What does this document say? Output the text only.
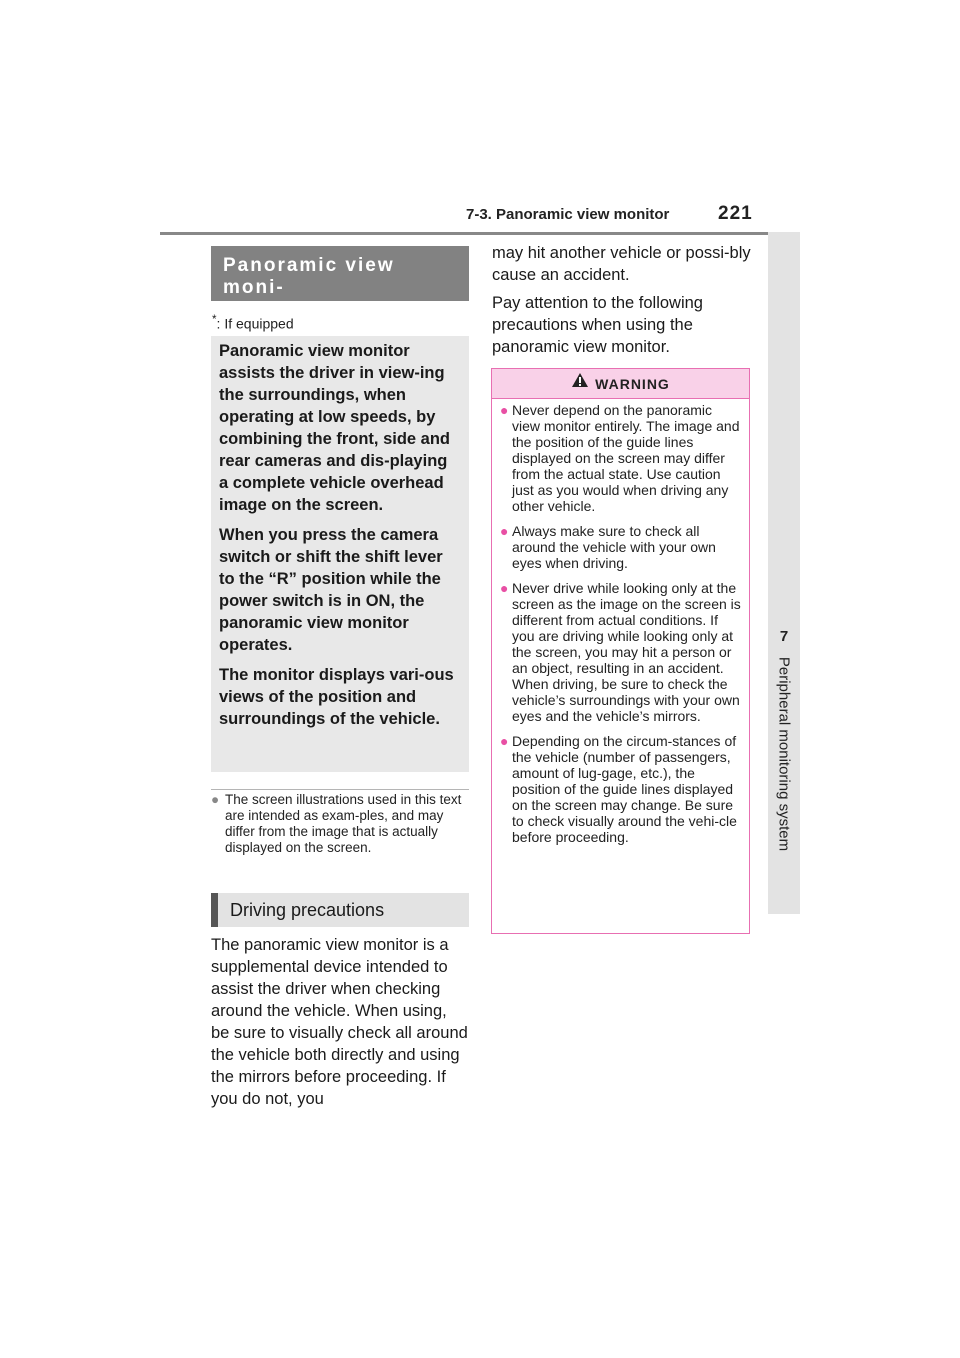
7-3. Panoramic view monitor	221
7
Peripheral monitoring system
Panoramic view moni-
tor*
*: If equipped

Panoramic view monitor assists the driver in view-ing the surroundings, when operating at low speeds, by combining the front, side and rear cameras and dis-playing a complete vehicle overhead image on the screen.

When you press the camera switch or shift the shift lever to the “R” position while the power switch is in ON, the panoramic view monitor operates.

The monitor displays vari-ous views of the position and surroundings of the vehicle.

● The screen illustrations used in this text are intended as exam-ples, and may differ from the image that is actually displayed on the screen.
Driving precautions
The panoramic view monitor is a supplemental device intended to assist the driver when checking around the vehicle. When using, be sure to visually check all around the vehicle both directly and using the mirrors before proceeding. If you do not, you
may hit another vehicle or possi-bly cause an accident.
Pay attention to the following precautions when using the panoramic view monitor.
WARNING
● Never depend on the panoramic view monitor entirely. The image and the position of the guide lines displayed on the screen may differ from the actual state. Use caution just as you would when driving any other vehicle.
● Always make sure to check all around the vehicle with your own eyes when driving.
● Never drive while looking only at the screen as the image on the screen is different from actual conditions. If you are driving while looking only at the screen, you may hit a person or an object, resulting in an accident. When driving, be sure to check the vehicle’s surroundings with your own eyes and the vehicle’s mirrors.
● Depending on the circum-stances of the vehicle (number of passengers, amount of lug-gage, etc.), the position of the guide lines displayed on the screen may change. Be sure to check visually around the vehi-cle before proceeding.
